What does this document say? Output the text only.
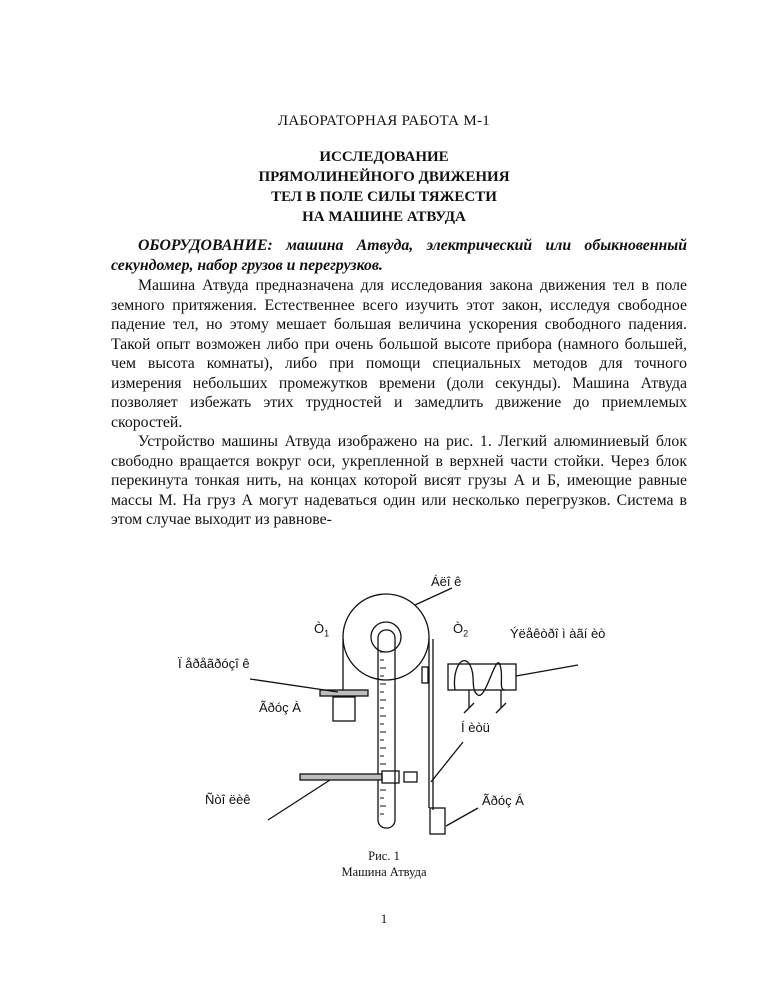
ЛАБОРАТОРНАЯ РАБОТА М-1
ИССЛЕДОВАНИЕ
ПРЯМОЛИНЕЙНОГО ДВИЖЕНИЯ
ТЕЛ В ПОЛЕ СИЛЫ ТЯЖЕСТИ
НА МАШИНЕ АТВУДА

ОБОРУДОВАНИЕ: машина Атвуда, электрический или обыкновенный секундомер, набор грузов и перегрузков.

Машина Атвуда предназначена для исследования закона движения тел в поле земного притяжения. Естественнее всего изучить этот закон, исследуя свободное падение тел, но этому мешает большая величина ускорения свободного падения. Такой опыт возможен либо при очень большой высоте прибора (намного большей, чем высота комнаты), либо при помощи специальных методов для точного измерения небольших промежутков времени (доли секунды). Машина Атвуда позволяет избежать этих трудностей и замедлить движение до приемлемых скоростей.

Устройство машины Атвуда изображено на рис. 1. Легкий алюминиевый блок свободно вращается вокруг оси, укрепленной в верхней части стойки. Через блок перекинута тонкая нить, на концах которой висят грузы А и Б, имеющие равные массы М. На груз А могут надеваться один или несколько перегрузков. Система в этом случае выходит из равнове-

Áëî ê
$Ò_1$	$Ò_2$	Ýëåêòðî ì àãí èò
Ï åðåãðóçî ê
Ãðóç À
Í èòü
Ñòî ëèê	Ãðóç Á
Рис. 1
Машина Атвуда
1
